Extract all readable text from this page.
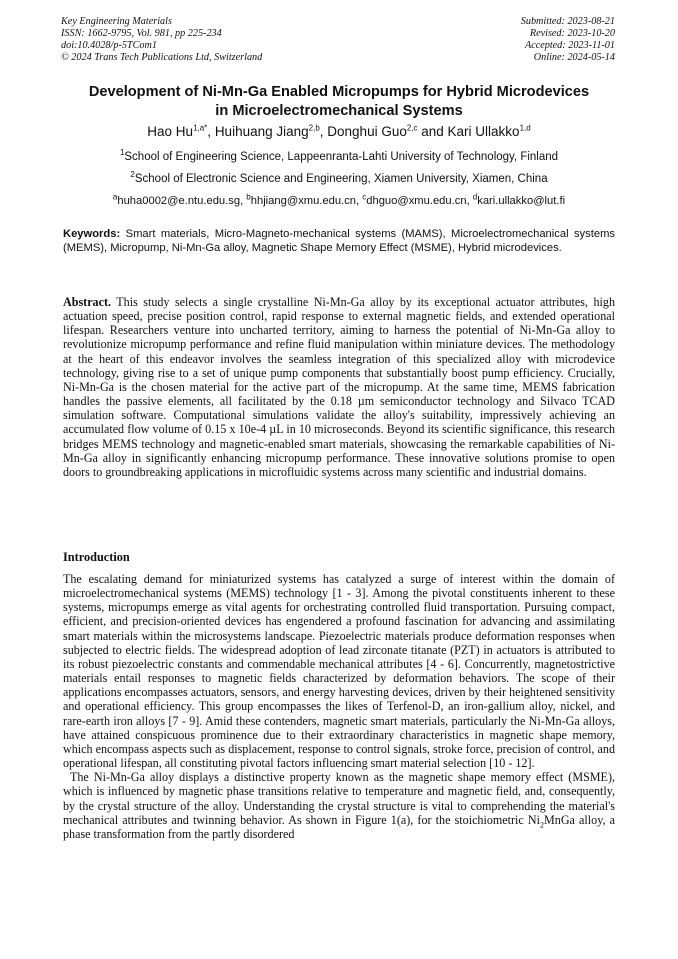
Key Engineering Materials
ISSN: 1662-9795, Vol. 981, pp 225-234
doi:10.4028/p-5TCom1
© 2024 Trans Tech Publications Ltd, Switzerland
Submitted: 2023-08-21
Revised: 2023-10-20
Accepted: 2023-11-01
Online: 2024-05-14
Development of Ni-Mn-Ga Enabled Micropumps for Hybrid Microdevices
in Microelectromechanical Systems
Hao $Hu^{1,a*}$, Huihuang Jiang$^{2,b}$, Donghui Guo$^{2,c}$ and Kari Ullakko$^{1,d}$
$^1$School of Engineering Science, Lappeenranta-Lahti University of Technology, Finland
$^2$School of Electronic Science and Engineering, Xiamen University, Xiamen, China
$^a$huha0002@e.ntu.edu.sg, $^b$hhjiang@xmu.edu.cn, $^c$dhguo@xmu.edu.cn, $^d$kari.ullakko@lut.fi
Keywords: Smart materials, Micro-Magneto-mechanical systems (MAMS), Microelectromechanical systems (MEMS), Micropump, Ni-Mn-Ga alloy, Magnetic Shape Memory Effect (MSME), Hybrid microdevices.
Abstract. This study selects a single crystalline Ni-Mn-Ga alloy by its exceptional actuator attributes, high actuation speed, precise position control, rapid response to external magnetic fields, and extended operational lifespan. Researchers venture into uncharted territory, aiming to harness the potential of Ni-Mn-Ga alloy to revolutionize micropump performance and refine fluid manipulation within miniature devices. The methodology at the heart of this endeavor involves the seamless integration of this specialized alloy with microdevice technology, giving rise to a set of unique pump components that substantially boost pump efficiency. Crucially, Ni-Mn-Ga is the chosen material for the active part of the micropump. At the same time, MEMS fabrication handles the passive elements, all facilitated by the 0.18 µm semiconductor technology and Silvaco TCAD simulation software. Computational simulations validate the alloy's suitability, impressively achieving an accumulated flow volume of 0.15 x 10e-4 µL in 10 microseconds. Beyond its scientific significance, this research bridges MEMS technology and magnetic-enabled smart materials, showcasing the remarkable capabilities of Ni-Mn-Ga alloy in significantly enhancing micropump performance. These innovative solutions promise to open doors to groundbreaking applications in microfluidic systems across many scientific and industrial domains.
Introduction

The escalating demand for miniaturized systems has catalyzed a surge of interest within the domain of microelectromechanical systems (MEMS) technology [1 - 3]. Among the pivotal constituents inherent to these systems, micropumps emerge as vital agents for orchestrating controlled fluid transportation. Pursuing compact, efficient, and precision-oriented devices has engendered a profound fascination for advancing and assimilating smart materials within the microsystems landscape. Piezoelectric materials produce deformation responses when subjected to electric fields. The widespread adoption of lead zirconate titanate (PZT) in actuators is attributed to its robust piezoelectric constants and commendable mechanical attributes [4 - 6]. Concurrently, magnetostrictive materials entail responses to magnetic fields characterized by deformation behaviors. The scope of their applications encompasses actuators, sensors, and energy harvesting devices, driven by their heightened sensitivity and operational efficiency. This group encompasses the likes of Terfenol-D, an iron-gallium alloy, nickel, and rare-earth iron alloys [7 - 9]. Amid these contenders, magnetic smart materials, particularly the Ni-Mn-Ga alloys, have attained conspicuous prominence due to their extraordinary characteristics in magnetic shape memory, which encompass aspects such as displacement, response to control signals, stroke force, precision of control, and operational lifespan, all constituting pivotal factors influencing smart material selection [10 - 12].

The Ni-Mn-Ga alloy displays a distinctive property known as the magnetic shape memory effect (MSME), which is influenced by magnetic phase transitions relative to temperature and magnetic field, and, consequently, by the crystal structure of the alloy. Understanding the crystal structure is vital to comprehending the material's mechanical attributes and twinning behavior. As shown in Figure 1(a), for the stoichiometric $Ni_2MnGa$ alloy, a phase transformation from the partly disordered
